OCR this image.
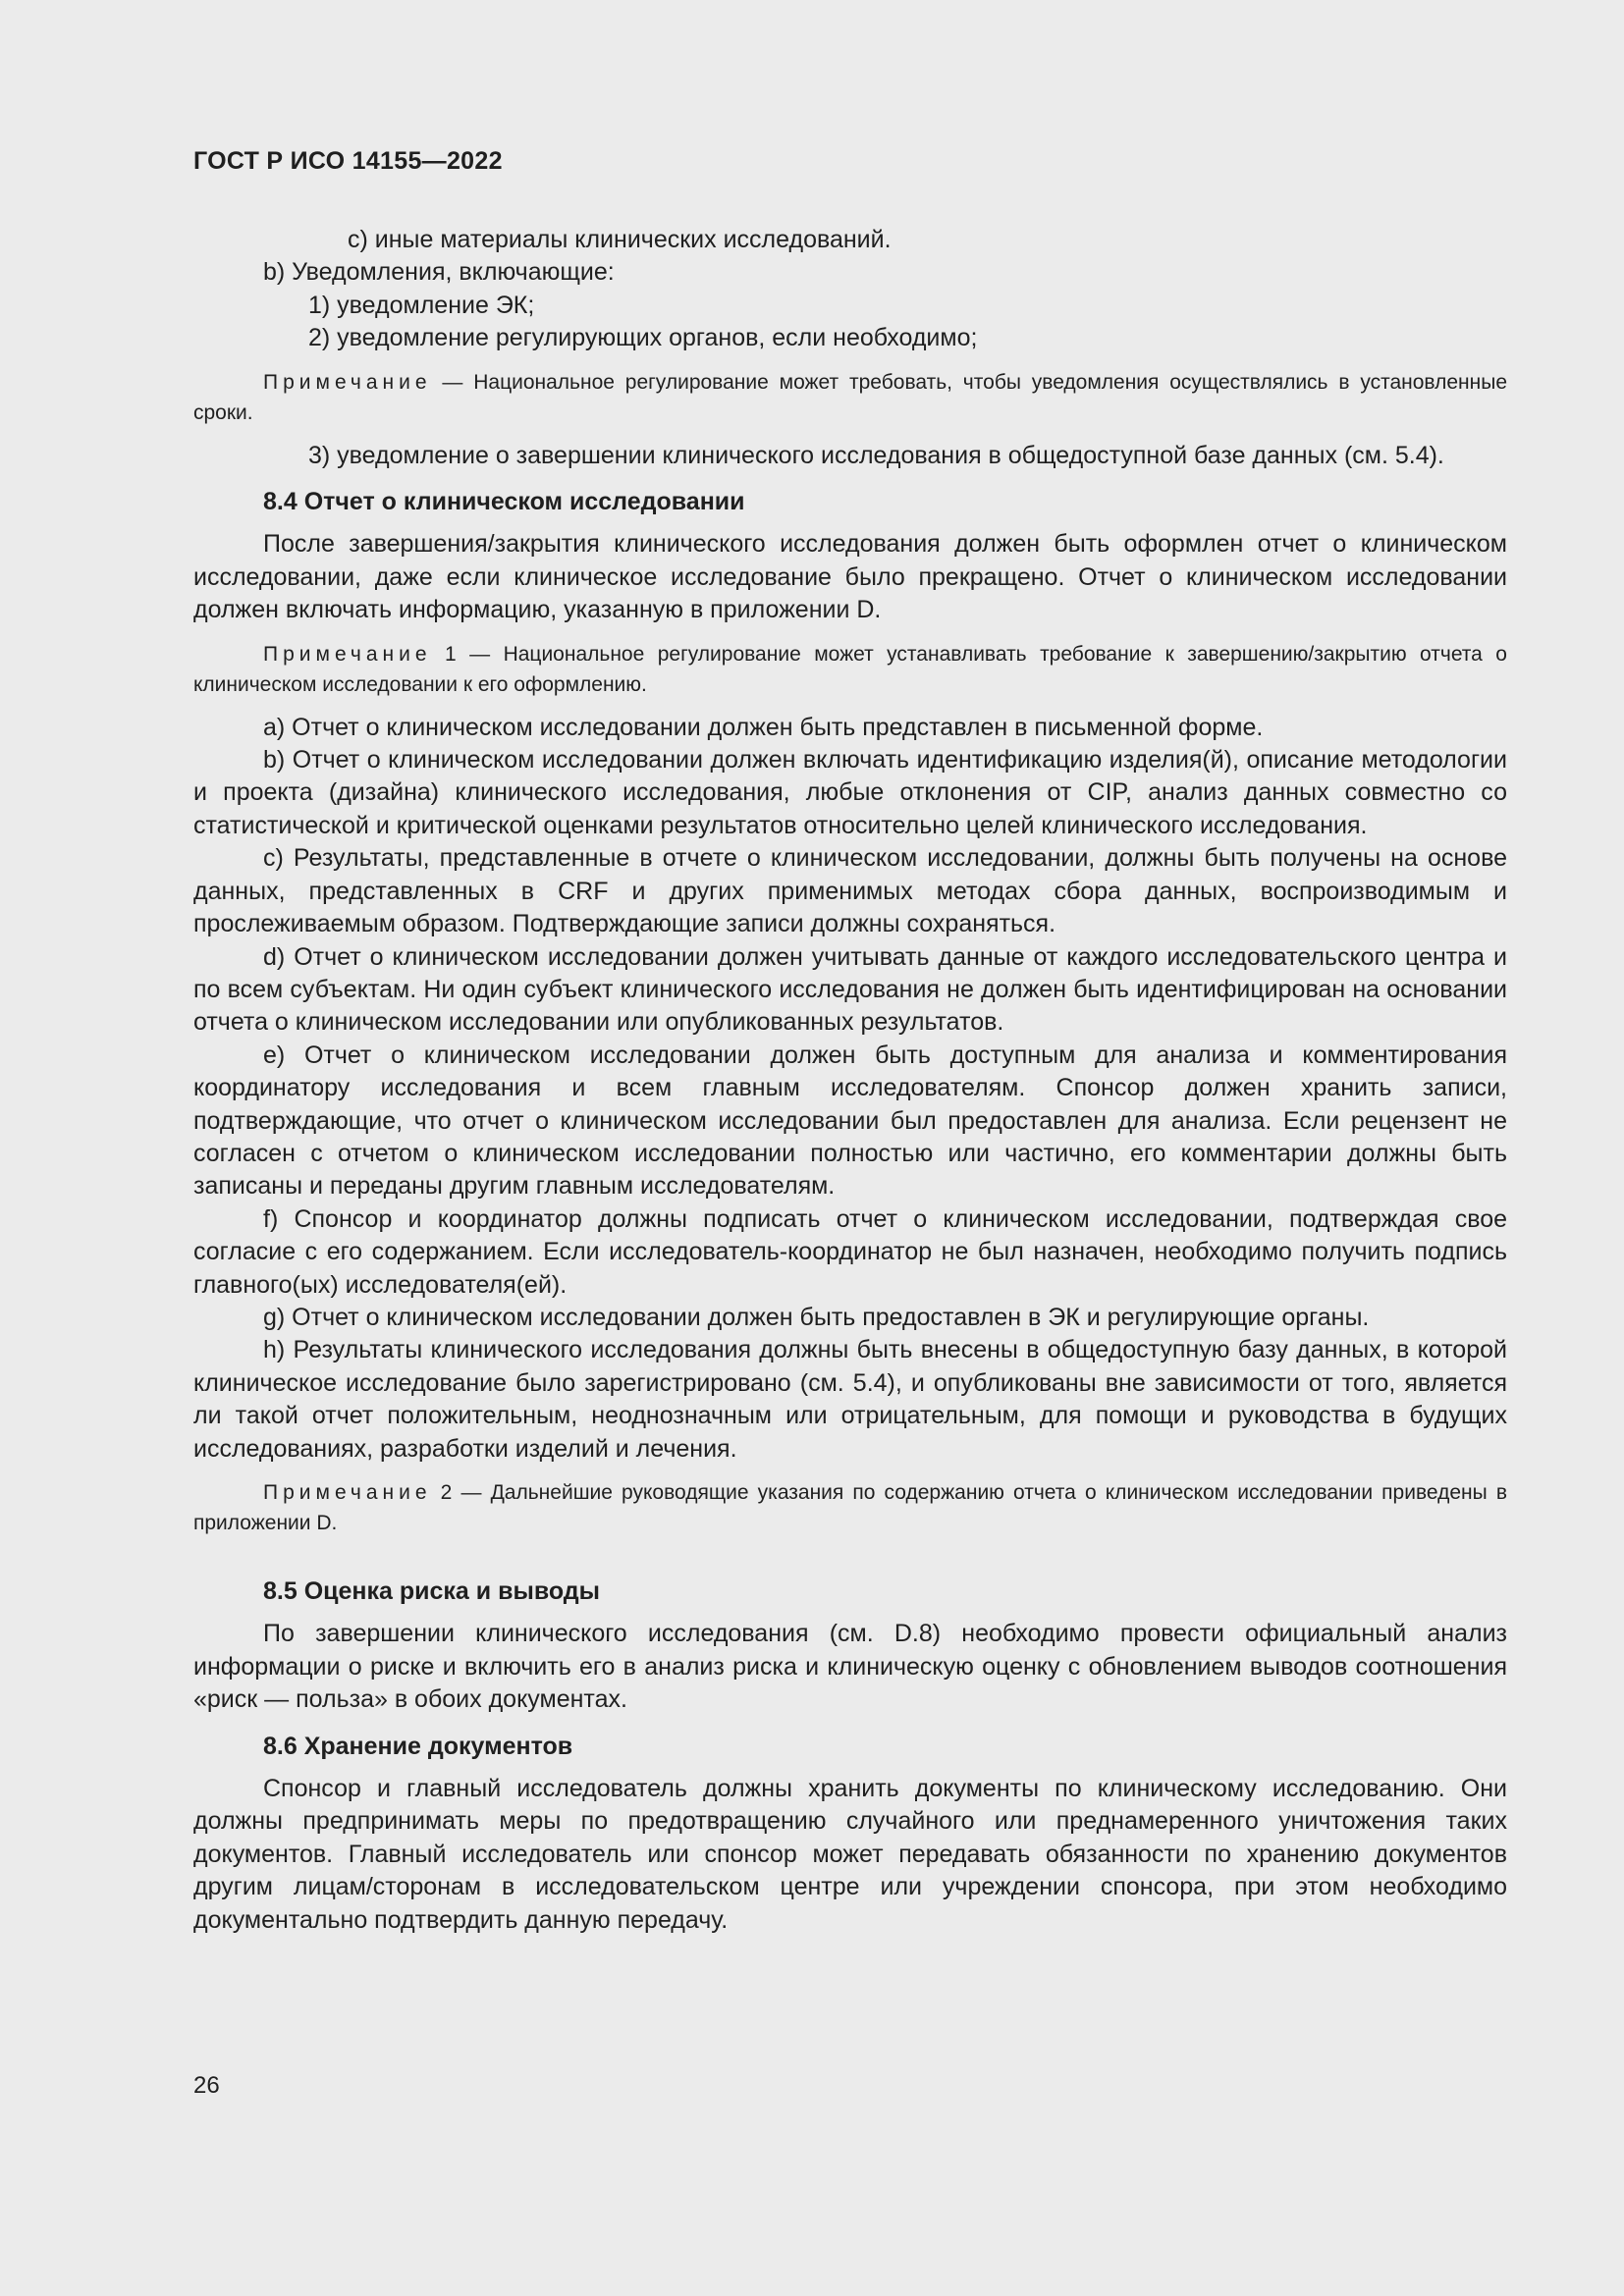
ГОСТ Р ИСО 14155—2022

c) иные материалы клинических исследований.

b) Уведомления, включающие:

1) уведомление ЭК;

2) уведомление регулирующих органов, если необходимо;

Примечание — Национальное регулирование может требовать, чтобы уведомления осуществлялись в установленные сроки.

3) уведомление о завершении клинического исследования в общедоступной базе данных (см. 5.4).

8.4 Отчет о клиническом исследовании

После завершения/закрытия клинического исследования должен быть оформлен отчет о клиническом исследовании, даже если клиническое исследование было прекращено. Отчет о клиническом исследовании должен включать информацию, указанную в приложении D.

Примечание 1 — Национальное регулирование может устанавливать требование к завершению/закрытию отчета о клиническом исследовании к его оформлению.

a) Отчет о клиническом исследовании должен быть представлен в письменной форме.

b) Отчет о клиническом исследовании должен включать идентификацию изделия(й), описание методологии и проекта (дизайна) клинического исследования, любые отклонения от CIP, анализ данных совместно со статистической и критической оценками результатов относительно целей клинического исследования.

c) Результаты, представленные в отчете о клиническом исследовании, должны быть получены на основе данных, представленных в CRF и других применимых методах сбора данных, воспроизводимым и прослеживаемым образом. Подтверждающие записи должны сохраняться.

d) Отчет о клиническом исследовании должен учитывать данные от каждого исследовательского центра и по всем субъектам. Ни один субъект клинического исследования не должен быть идентифицирован на основании отчета о клиническом исследовании или опубликованных результатов.

e) Отчет о клиническом исследовании должен быть доступным для анализа и комментирования координатору исследования и всем главным исследователям. Спонсор должен хранить записи, подтверждающие, что отчет о клиническом исследовании был предоставлен для анализа. Если рецензент не согласен с отчетом о клиническом исследовании полностью или частично, его комментарии должны быть записаны и переданы другим главным исследователям.

f) Спонсор и координатор должны подписать отчет о клиническом исследовании, подтверждая свое согласие с его содержанием. Если исследователь-координатор не был назначен, необходимо получить подпись главного(ых) исследователя(ей).

g) Отчет о клиническом исследовании должен быть предоставлен в ЭК и регулирующие органы.

h) Результаты клинического исследования должны быть внесены в общедоступную базу данных, в которой клиническое исследование было зарегистрировано (см. 5.4), и опубликованы вне зависимости от того, является ли такой отчет положительным, неоднозначным или отрицательным, для помощи и руководства в будущих исследованиях, разработки изделий и лечения.

Примечание 2 — Дальнейшие руководящие указания по содержанию отчета о клиническом исследовании приведены в приложении D.

8.5 Оценка риска и выводы

По завершении клинического исследования (см. D.8) необходимо провести официальный анализ информации о риске и включить его в анализ риска и клиническую оценку с обновлением выводов соотношения «риск — польза» в обоих документах.

8.6 Хранение документов

Спонсор и главный исследователь должны хранить документы по клиническому исследованию. Они должны предпринимать меры по предотвращению случайного или преднамеренного уничтожения таких документов. Главный исследователь или спонсор может передавать обязанности по хранению документов другим лицам/сторонам в исследовательском центре или учреждении спонсора, при этом необходимо документально подтвердить данную передачу.

26
